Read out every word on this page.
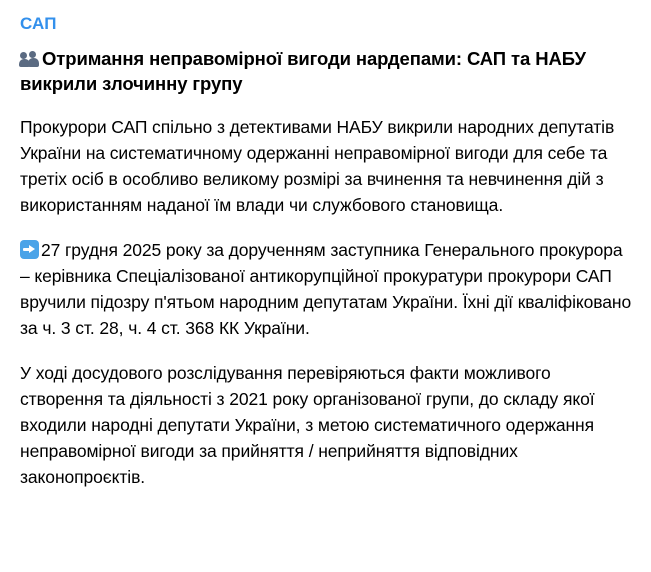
САП
Отримання неправомірної вигоди нардепами: САП та НАБУ викрили злочинну групу
Прокурори САП спільно з детективами НАБУ викрили народних депутатів України на систематичному одержанні неправомірної вигоди для себе та третіх осіб в особливо великому розмірі за вчинення та невчинення дій з використанням наданої їм влади чи службового становища.
27 грудня 2025 року за дорученням заступника Генерального прокурора – керівника Спеціалізованої антикорупційної прокуратури прокурори САП вручили підозру п'ятьом народним депутатам України. Їхні дії кваліфіковано за ч. 3 ст. 28, ч. 4 ст. 368 КК України.
У ході досудового розслідування перевіряються факти можливого створення та діяльності з 2021 року організованої групи, до складу якої входили народні депутати України, з метою систематичного одержання неправомірної вигоди за прийняття / неприйняття відповідних законопроєктів.
